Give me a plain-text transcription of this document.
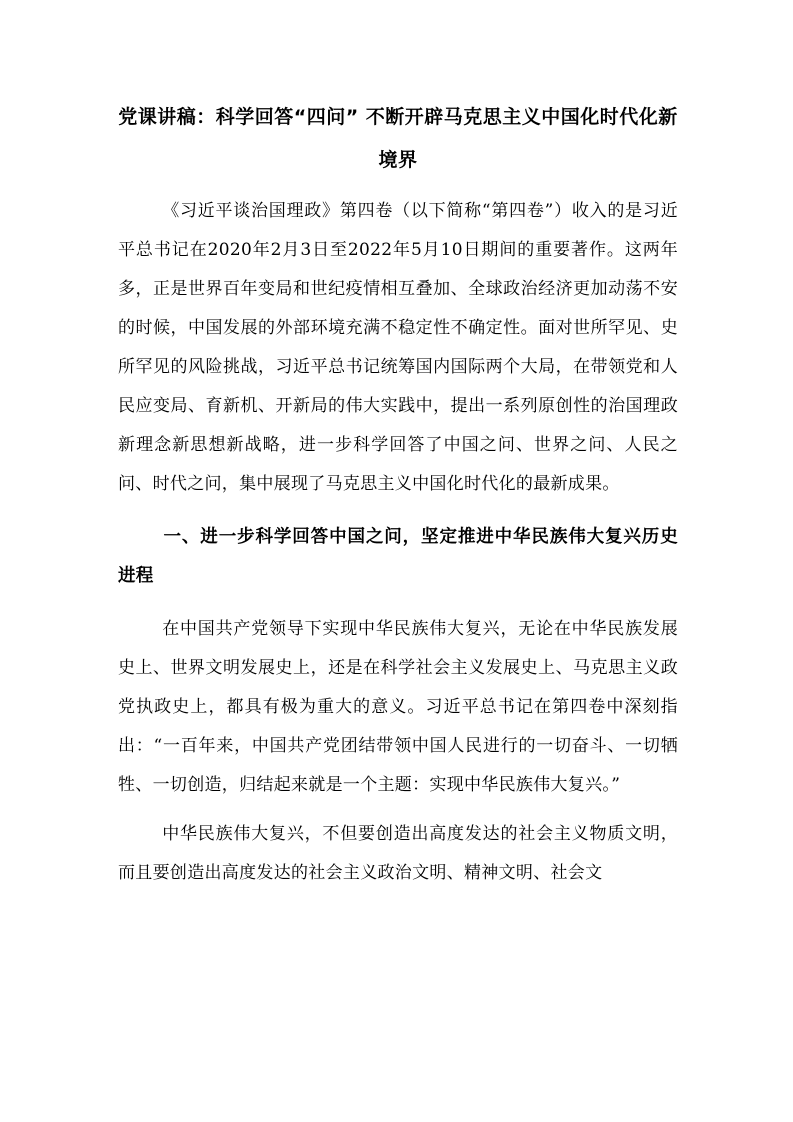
党课讲稿：科学回答“四问” 不断开辟马克思主义中国化时代化新境界

《习近平谈治国理政》第四卷（以下简称“第四卷”）收入的是习近平总书记在2020年2月3日至2022年5月10日期间的重要著作。这两年多，正是世界百年变局和世纪疫情相互叠加、全球政治经济更加动荡不安的时候，中国发展的外部环境充满不稳定性不确定性。面对世所罕见、史所罕见的风险挑战，习近平总书记统筹国内国际两个大局，在带领党和人民应变局、育新机、开新局的伟大实践中，提出一系列原创性的治国理政新理念新思想新战略，进一步科学回答了中国之问、世界之问、人民之问、时代之问，集中展现了马克思主义中国化时代化的最新成果。

一、进一步科学回答中国之问，坚定推进中华民族伟大复兴历史进程

在中国共产党领导下实现中华民族伟大复兴，无论在中华民族发展史上、世界文明发展史上，还是在科学社会主义发展史上、马克思主义政党执政史上，都具有极为重大的意义。习近平总书记在第四卷中深刻指出：“一百年来，中国共产党团结带领中国人民进行的一切奋斗、一切牺牲、一切创造，归结起来就是一个主题：实现中华民族伟大复兴。”

中华民族伟大复兴，不但要创造出高度发达的社会主义物质文明，而且要创造出高度发达的社会主义政治文明、精神文明、社会文
